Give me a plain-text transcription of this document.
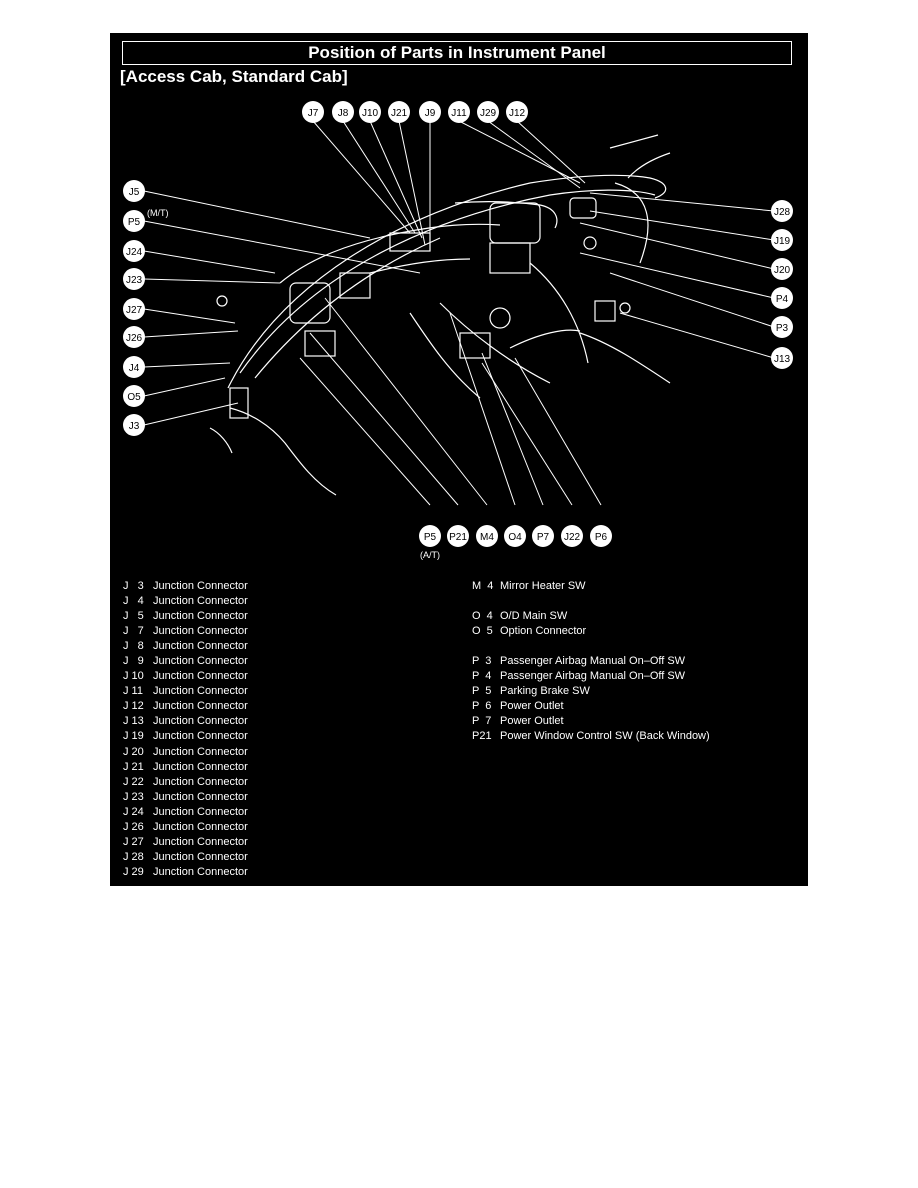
Position of Parts in Instrument Panel
[Access Cab, Standard Cab]
J7 J8 J10 J21 J9 J11 J29 J12
J5
P5
(M/T)
J24
J23
J27
J26
J4
O5
J3
J28
J19
J20
P4
P3
J13
P5
(A/T)
P21 M4 O4 P7 J22 P6
J   3 Junction Connector
J   4 Junction Connector
J   5 Junction Connector
J   7 Junction Connector
J   8 Junction Connector
J   9 Junction Connector
J 10 Junction Connector
J 11 Junction Connector
J 12 Junction Connector
J 13 Junction Connector
J 19 Junction Connector
J 20 Junction Connector
J 21 Junction Connector
J 22 Junction Connector
J 23 Junction Connector
J 24 Junction Connector
J 26 Junction Connector
J 27 Junction Connector
J 28 Junction Connector
J 29 Junction Connector
M  4 Mirror Heater SW
O  4 O/D Main SW
O  5 Option Connector
P  3 Passenger Airbag Manual On–Off SW
P  4 Passenger Airbag Manual On–Off SW
P  5 Parking Brake SW
P  6 Power Outlet
P  7 Power Outlet
P21 Power Window Control SW (Back Window)
